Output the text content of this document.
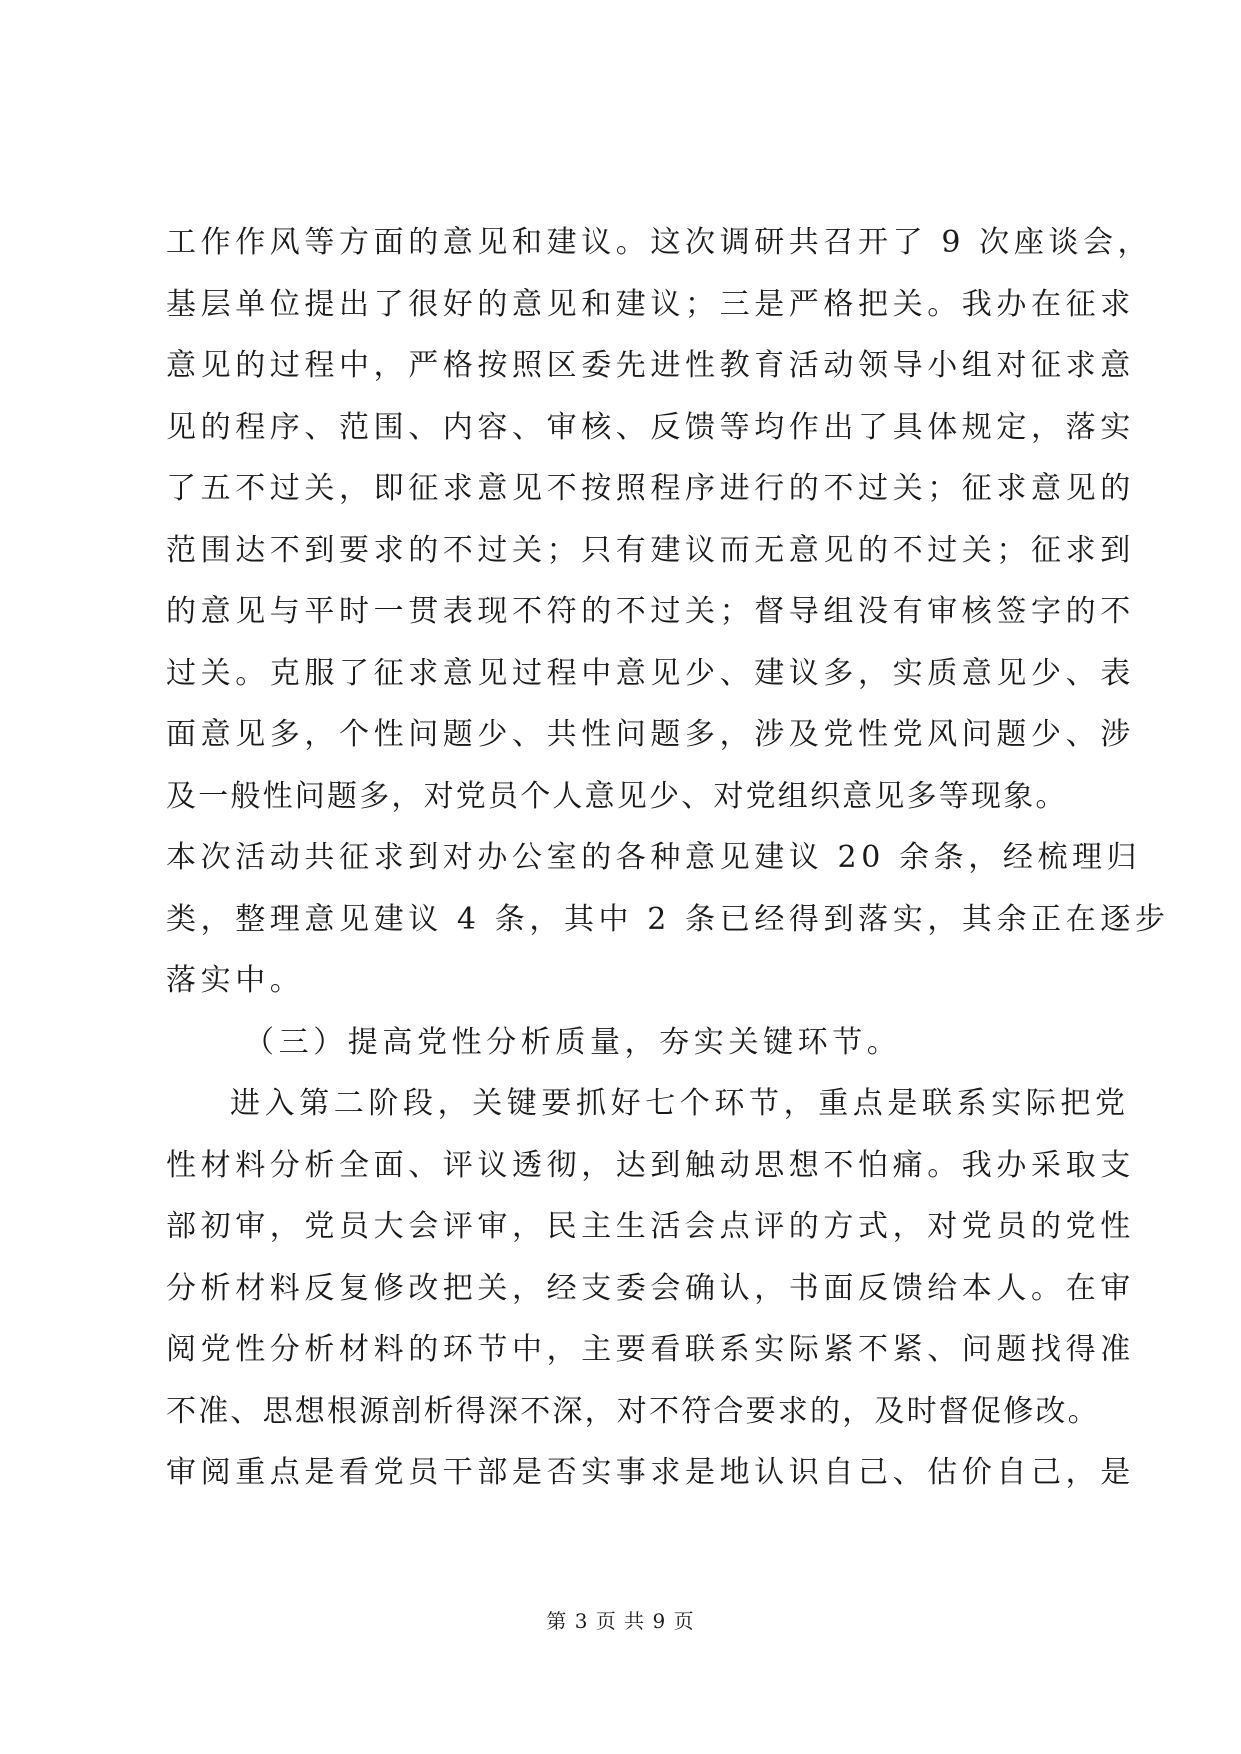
工作作风等方面的意见和建议。这次调研共召开了 9 次座谈会，
基层单位提出了很好的意见和建议；三是严格把关。我办在征求
意见的过程中，严格按照区委先进性教育活动领导小组对征求意
见的程序、范围、内容、审核、反馈等均作出了具体规定，落实
了五不过关，即征求意见不按照程序进行的不过关；征求意见的
范围达不到要求的不过关；只有建议而无意见的不过关；征求到
的意见与平时一贯表现不符的不过关；督导组没有审核签字的不
过关。克服了征求意见过程中意见少、建议多，实质意见少、表
面意见多，个性问题少、共性问题多，涉及党性党风问题少、涉
及一般性问题多，对党员个人意见少、对党组织意见多等现象。
本次活动共征求到对办公室的各种意见建议 20 余条，经梳理归
类，整理意见建议 4 条，其中 2 条已经得到落实，其余正在逐步
落实中。
（三）提高党性分析质量，夯实关键环节。
进入第二阶段，关键要抓好七个环节，重点是联系实际把党
性材料分析全面、评议透彻，达到触动思想不怕痛。我办采取支
部初审，党员大会评审，民主生活会点评的方式，对党员的党性
分析材料反复修改把关，经支委会确认，书面反馈给本人。在审
阅党性分析材料的环节中，主要看联系实际紧不紧、问题找得准
不准、思想根源剖析得深不深，对不符合要求的，及时督促修改。
审阅重点是看党员干部是否实事求是地认识自己、估价自己，是
第 3 页 共 9 页
